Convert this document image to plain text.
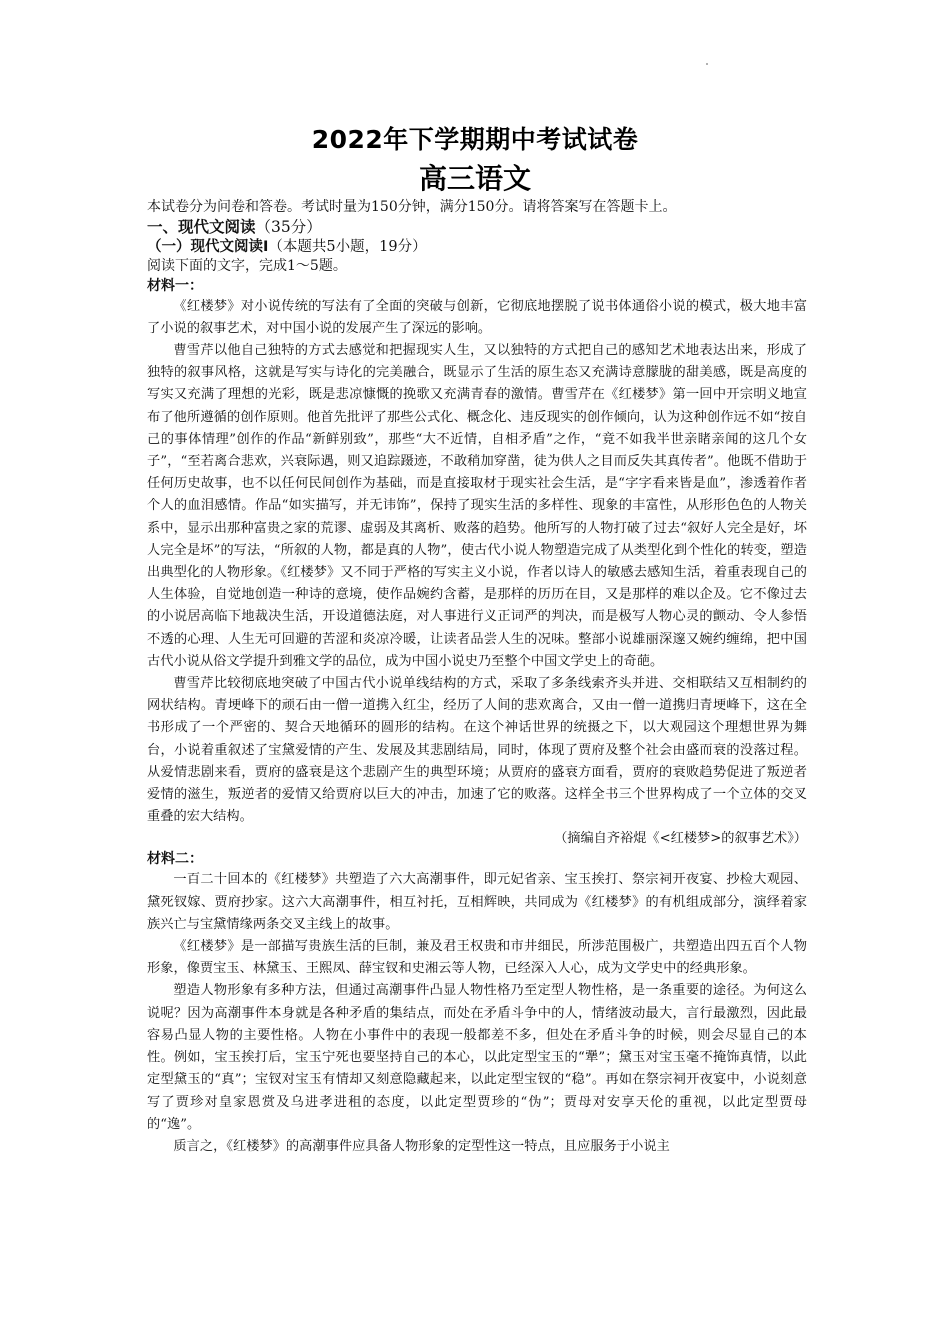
2022年下学期期中考试试卷
高三语文

本试卷分为问卷和答卷。考试时量为150分钟，满分150分。请将答案写在答题卡上。

一、现代文阅读（35分）

（一）现代文阅读Ⅰ（本题共5小题，19分）

阅读下面的文字，完成1～5题。

材料一：

《红楼梦》对小说传统的写法有了全面的突破与创新，它彻底地摆脱了说书体通俗小说的模式，极大地丰富了小说的叙事艺术，对中国小说的发展产生了深远的影响。

曹雪芹以他自己独特的方式去感觉和把握现实人生，又以独特的方式把自己的感知艺术地表达出来，形成了独特的叙事风格，这就是写实与诗化的完美融合，既显示了生活的原生态又充满诗意朦胧的甜美感，既是高度的写实又充满了理想的光彩，既是悲凉慷慨的挽歌又充满青春的激情。曹雪芹在《红楼梦》第一回中开宗明义地宣布了他所遵循的创作原则。他首先批评了那些公式化、概念化、违反现实的创作倾向，认为这种创作远不如“按自己的事体情理”创作的作品“新鲜别致”，那些“大不近情，自相矛盾”之作，“竟不如我半世亲睹亲闻的这几个女子”，“至若离合悲欢，兴衰际遇，则又追踪蹑迹，不敢稍加穿凿，徒为供人之目而反失其真传者”。他既不借助于任何历史故事，也不以任何民间创作为基础，而是直接取材于现实社会生活，是“字字看来皆是血”，渗透着作者个人的血泪感情。作品“如实描写，并无讳饰”，保持了现实生活的多样性、现象的丰富性，从形形色色的人物关系中，显示出那种富贵之家的荒谬、虚弱及其离析、败落的趋势。他所写的人物打破了过去“叙好人完全是好，坏人完全是坏”的写法，“所叙的人物，都是真的人物”，使古代小说人物塑造完成了从类型化到个性化的转变，塑造出典型化的人物形象。《红楼梦》又不同于严格的写实主义小说，作者以诗人的敏感去感知生活，着重表现自己的人生体验，自觉地创造一种诗的意境，使作品婉约含蓄，是那样的历历在目，又是那样的难以企及。它不像过去的小说居高临下地裁决生活，开设道德法庭，对人事进行义正词严的判决，而是极写人物心灵的颤动、令人参悟不透的心理、人生无可回避的苦涩和炎凉冷暖，让读者品尝人生的况味。整部小说雄丽深邃又婉约缠绵，把中国古代小说从俗文学提升到雅文学的品位，成为中国小说史乃至整个中国文学史上的奇葩。

曹雪芹比较彻底地突破了中国古代小说单线结构的方式，采取了多条线索齐头并进、交相联结又互相制约的网状结构。青埂峰下的顽石由一僧一道携入红尘，经历了人间的悲欢离合，又由一僧一道携归青埂峰下，这在全书形成了一个严密的、契合天地循环的圆形的结构。在这个神话世界的统摄之下，以大观园这个理想世界为舞台，小说着重叙述了宝黛爱情的产生、发展及其悲剧结局，同时，体现了贾府及整个社会由盛而衰的没落过程。从爱情悲剧来看，贾府的盛衰是这个悲剧产生的典型环境；从贾府的盛衰方面看，贾府的衰败趋势促进了叛逆者爱情的滋生，叛逆者的爱情又给贾府以巨大的冲击，加速了它的败落。这样全书三个世界构成了一个立体的交叉重叠的宏大结构。

（摘编自齐裕焜《<红楼梦>的叙事艺术》）

材料二：

一百二十回本的《红楼梦》共塑造了六大高潮事件，即元妃省亲、宝玉挨打、祭宗祠开夜宴、抄检大观园、黛死钗嫁、贾府抄家。这六大高潮事件，相互衬托，互相辉映，共同成为《红楼梦》的有机组成部分，演绎着家族兴亡与宝黛情缘两条交叉主线上的故事。

《红楼梦》是一部描写贵族生活的巨制，兼及君王权贵和市井细民，所涉范围极广，共塑造出四五百个人物形象，像贾宝玉、林黛玉、王熙凤、薛宝钗和史湘云等人物，已经深入人心，成为文学史中的经典形象。

塑造人物形象有多种方法，但通过高潮事件凸显人物性格乃至定型人物性格，是一条重要的途径。为何这么说呢？因为高潮事件本身就是各种矛盾的集结点，而处在矛盾斗争中的人，情绪波动最大，言行最激烈，因此最容易凸显人物的主要性格。人物在小事件中的表现一般都差不多，但处在矛盾斗争的时候，则会尽显自己的本性。例如，宝玉挨打后，宝玉宁死也要坚持自己的本心，以此定型宝玉的“犟”；黛玉对宝玉毫不掩饰真情，以此定型黛玉的“真”；宝钗对宝玉有情却又刻意隐藏起来，以此定型宝钗的“稳”。再如在祭宗祠开夜宴中，小说刻意写了贾珍对皇家恩赏及乌进孝进租的态度，以此定型贾珍的“伪”；贾母对安享天伦的重视，以此定型贾母的“逸”。

质言之，《红楼梦》的高潮事件应具备人物形象的定型性这一特点，且应服务于小说主
